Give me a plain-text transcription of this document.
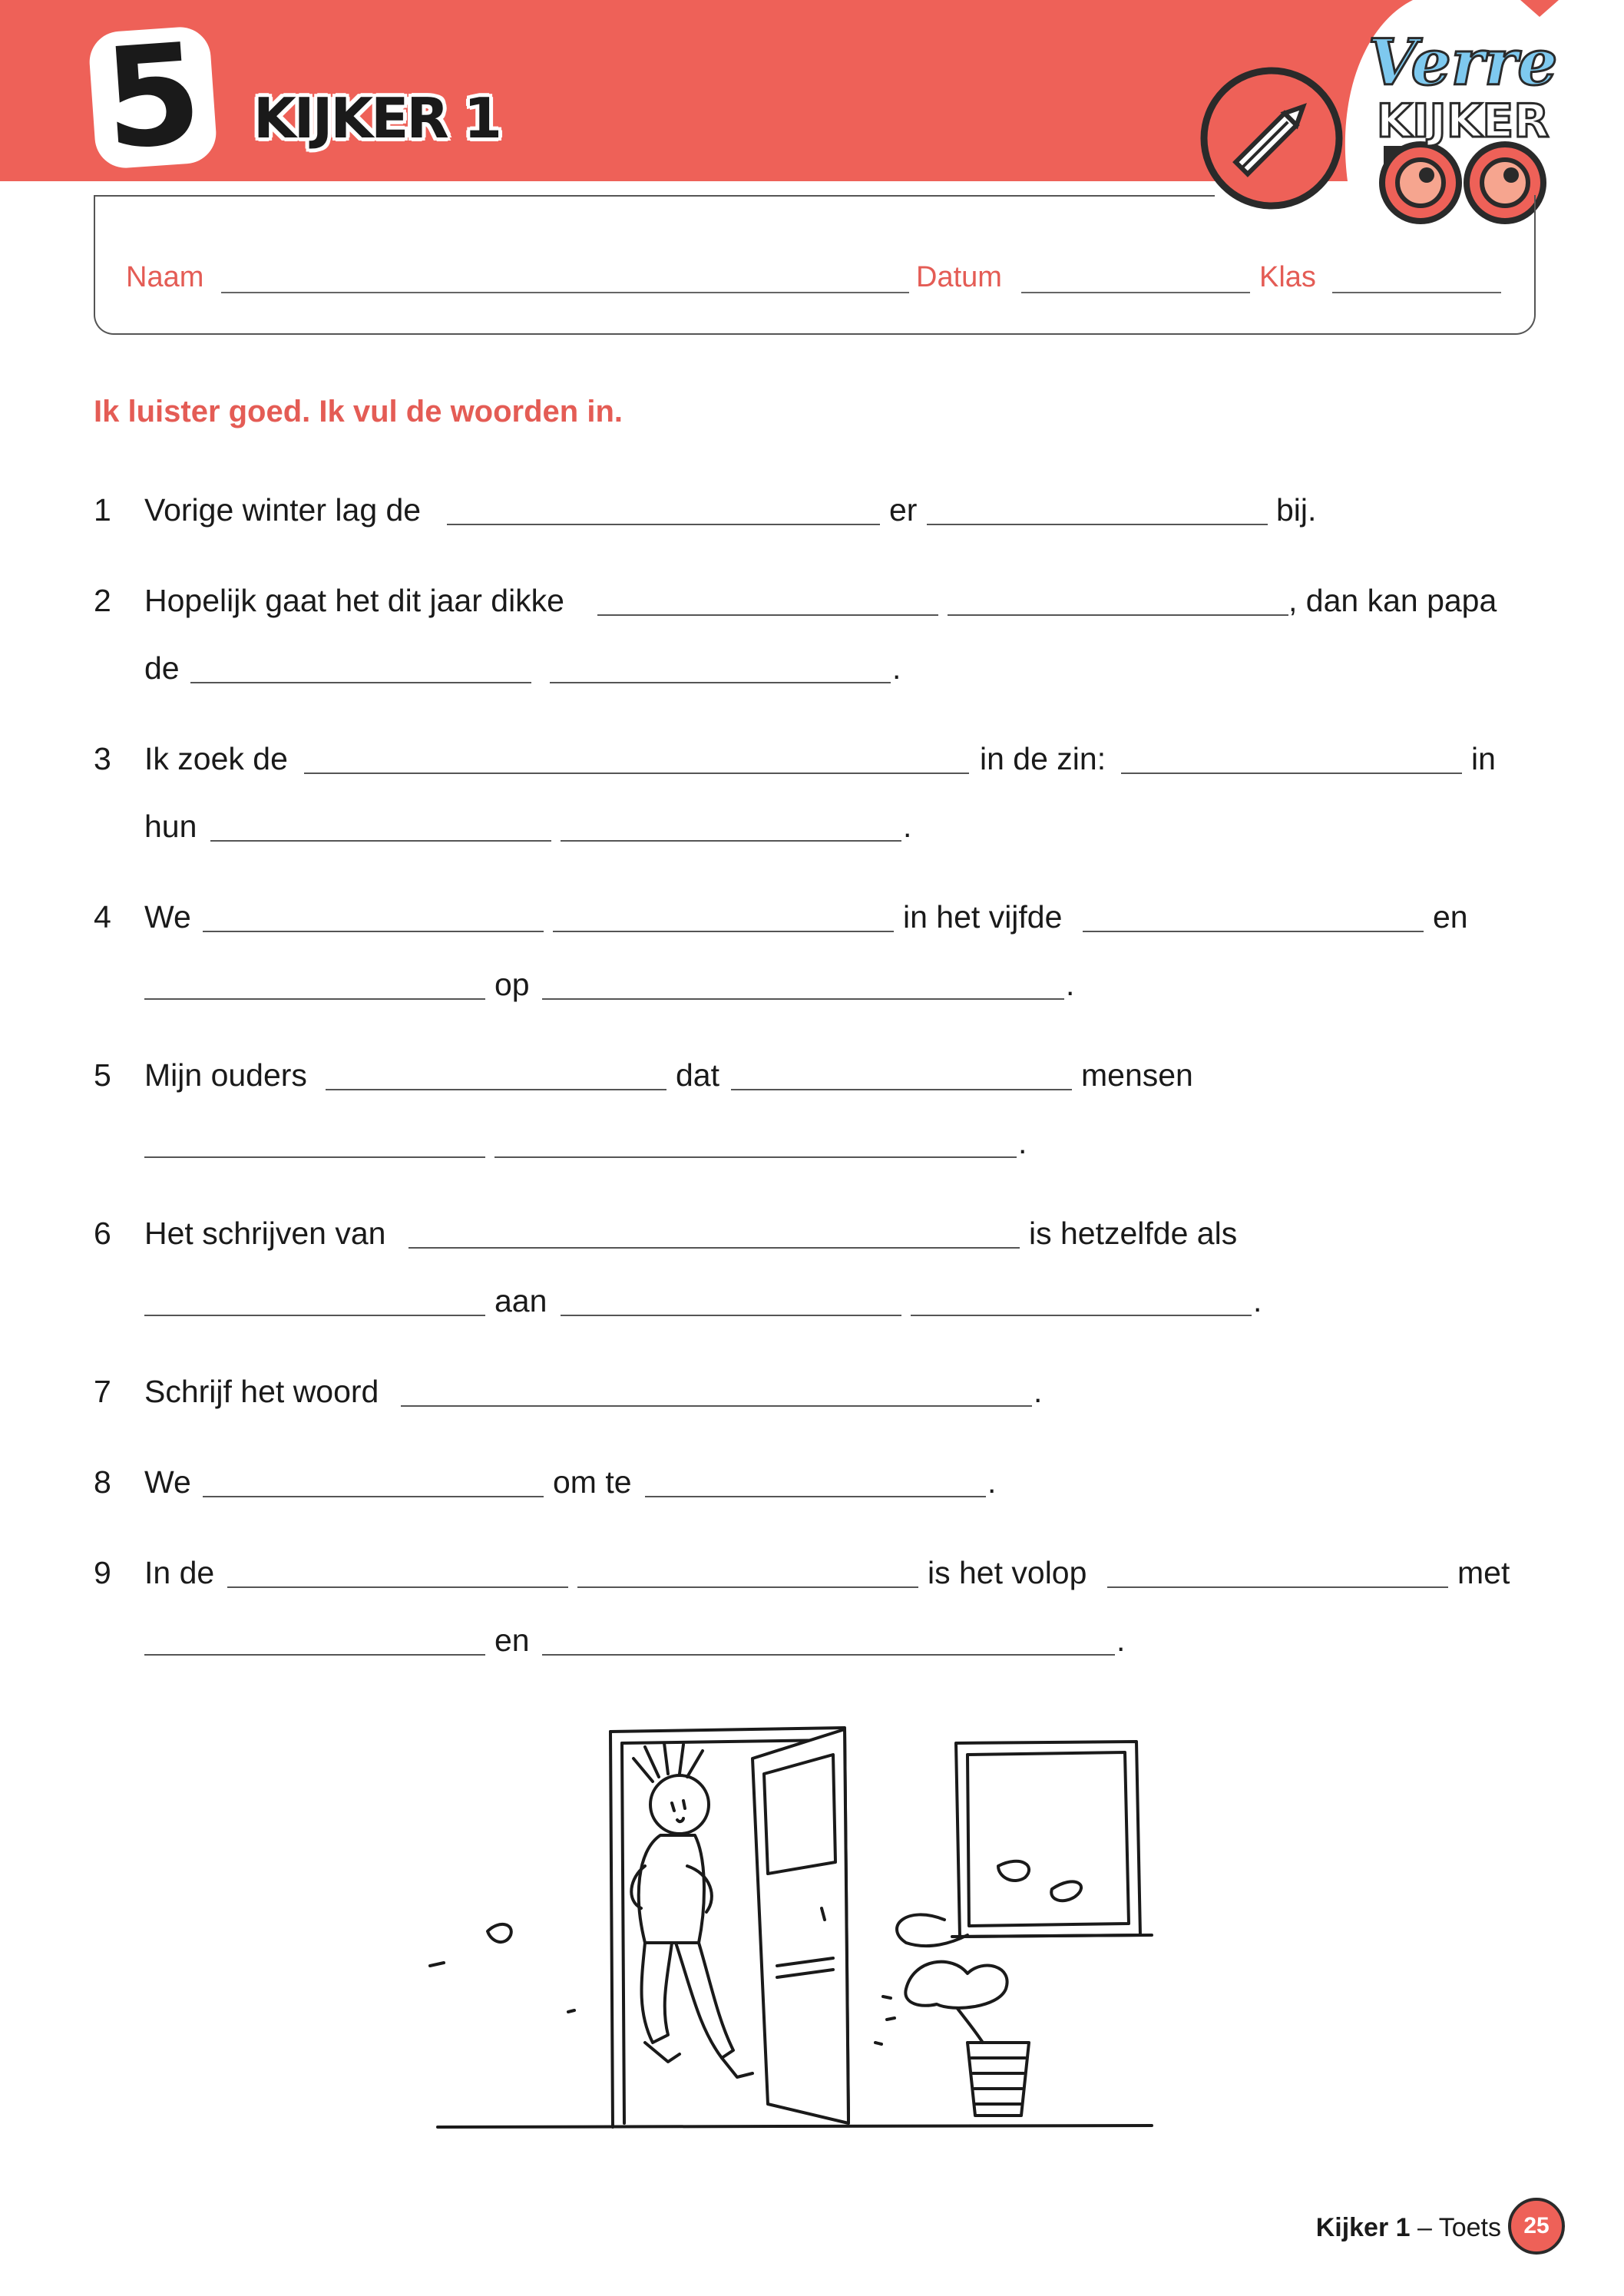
5 KIJKER 1
Verre
KIJKER
Naam	Datum	Klas
Ik luister goed. Ik vul de woorden in.
1 Vorige winter lag de	er	bij.
2 Hopelijk gaat het dit jaar dikke	, dan kan papa
de	.
3 Ik zoek de	in de zin:	in
hun	.
4 We	in het vijfde	en
op	.
5 Mijn ouders	dat	mensen
.
6 Het schrijven van	is hetzelfde als
aan	.
7 Schrijf het woord	.
8 We	om te	.
9 In de	is het volop	met
en	.
Kijker 1 – Toets 25
